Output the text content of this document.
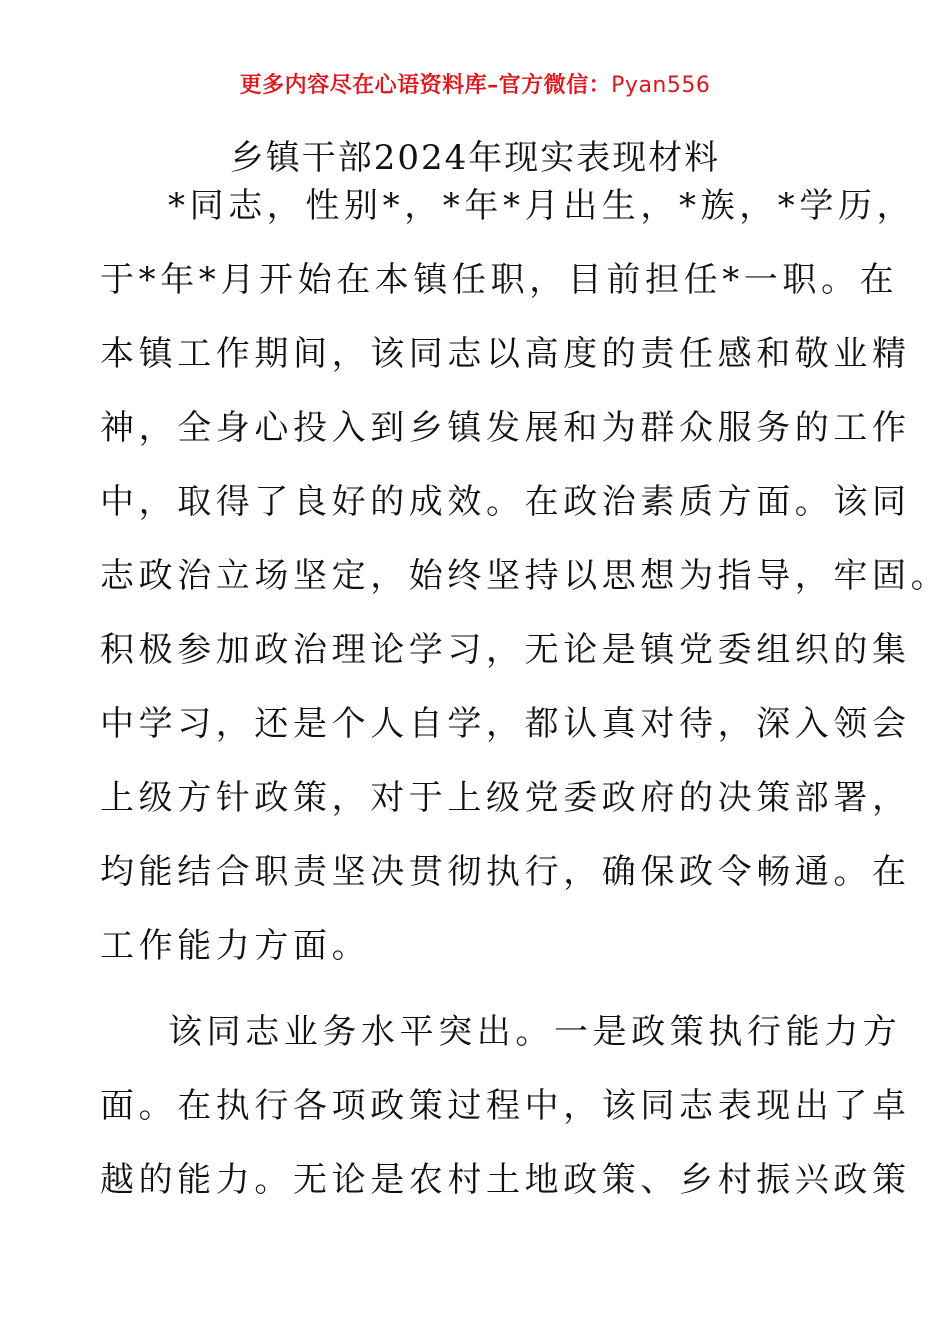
更多内容尽在心语资料库–官方微信：Pyan556
乡镇干部2024年现实表现材料
*同志，性别*，*年*月出生，*族，*学历，
于*年*月开始在本镇任职，目前担任*一职。在
本镇工作期间，该同志以高度的责任感和敬业精
神，全身心投入到乡镇发展和为群众服务的工作
中，取得了良好的成效。在政治素质方面。该同
志政治立场坚定，始终坚持以思想为指导，牢固。
积极参加政治理论学习，无论是镇党委组织的集
中学习，还是个人自学，都认真对待，深入领会
上级方针政策，对于上级党委政府的决策部署，
均能结合职责坚决贯彻执行，确保政令畅通。在
工作能力方面。
该同志业务水平突出。一是政策执行能力方
面。在执行各项政策过程中，该同志表现出了卓
越的能力。无论是农村土地政策、乡村振兴政策
